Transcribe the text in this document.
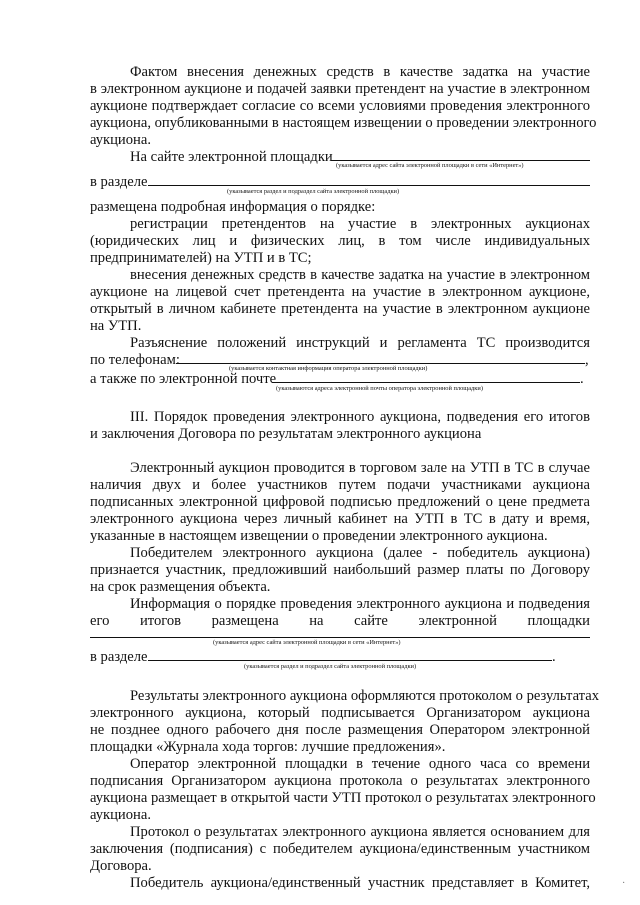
Фактом внесения денежных средств в качестве задатка на участие
в электронном аукционе и подачей заявки претендент на участие в электронном
аукционе подтверждает согласие со всеми условиями проведения электронного
аукциона, опубликованными в настоящем извещении о проведении электронного
аукциона.
На сайте электронной площадки
(указывается адрес сайта электронной площадки в сети «Интернет»)
в разделе
(указывается раздел и подраздел сайта электронной площадки)
размещена подробная информация о порядке:
регистрации претендентов на участие в электронных аукционах
(юридических лиц и физических лиц, в том числе индивидуальных
предпринимателей) на УТП и в ТС;
внесения денежных средств в качестве задатка на участие в электронном
аукционе на лицевой счет претендента на участие в электронном аукционе,
открытый в личном кабинете претендента на участие в электронном аукционе
на УТП.
Разъяснение положений инструкций и регламента ТС производится
по телефонам:	,
(указывается контактная информация оператора электронной площадки)
а также по электронной почте	.
(указываются адреса электронной почты оператора электронной площадки)
III. Порядок проведения электронного аукциона, подведения его итогов
и заключения Договора по результатам электронного аукциона
Электронный аукцион проводится в торговом зале на УТП в ТС в случае
наличия двух и более участников путем подачи участниками аукциона
подписанных электронной цифровой подписью предложений о цене предмета
электронного аукциона через личный кабинет на УТП в ТС в дату и время,
указанные в настоящем извещении о проведении электронного аукциона.
Победителем электронного аукциона (далее - победитель аукциона)
признается участник, предложивший наибольший размер платы по Договору
на срок размещения объекта.
Информация о порядке проведения электронного аукциона и подведения
его итогов размещена на сайте электронной площадки
(указывается адрес сайта электронной площадки в сети «Интернет»)
в разделе	.
(указывается раздел и подраздел сайта электронной площадки)
Результаты электронного аукциона оформляются протоколом о результатах
электронного аукциона, который подписывается Организатором аукциона
не позднее одного рабочего дня после размещения Оператором электронной
площадки «Журнала хода торгов: лучшие предложения».
Оператор электронной площадки в течение одного часа со времени
подписания Организатором аукциона протокола о результатах электронного
аукциона размещает в открытой части УТП протокол о результатах электронного
аукциона.
Протокол о результатах электронного аукциона является основанием для
заключения (подписания) с победителем аукциона/единственным участником
Договора.
Победитель аукциона/единственный участник представляет в Комитет,	·
